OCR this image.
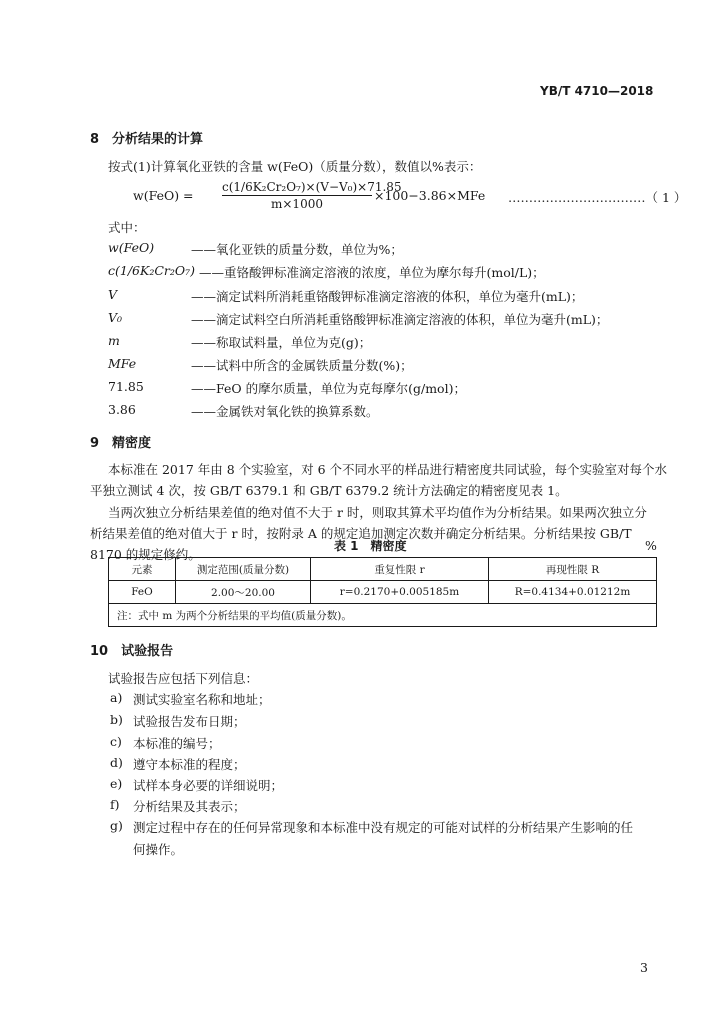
YB/T 4710—2018
8 分析结果的计算
按式(1)计算氧化亚铁的含量 w(FeO)（质量分数），数值以%表示：
$w(FeO) = \frac{\text{c(1/6K₂Cr₂O₇)×(V−V₀)×71.85}}{m\times 1000} \times 100-3.86\times MFe$ ……………………………（ 1 ）
式中：
w(FeO)	——氧化亚铁的质量分数，单位为%；
c(1/6K₂Cr₂O₇) ——重铬酸钾标准滴定溶液的浓度，单位为摩尔每升(mol/L)；
V	——滴定试料所消耗重铬酸钾标准滴定溶液的体积，单位为毫升(mL)；
V₀	——滴定试料空白所消耗重铬酸钾标准滴定溶液的体积，单位为毫升(mL)；
m	——称取试料量，单位为克(g)；
MFe	——试料中所含的金属铁质量分数(%)；
71.85	——FeO 的摩尔质量，单位为克每摩尔(g/mol)；
3.86	——金属铁对氧化铁的换算系数。
9 精密度
本标准在 2017 年由 8 个实验室，对 6 个不同水平的样品进行精密度共同试验，每个实验室对每个水
平独立测试 4 次，按 GB/T 6379.1 和 GB/T 6379.2 统计方法确定的精密度见表 1。
当两次独立分析结果差值的绝对值不大于 r 时，则取其算术平均值作为分析结果。如果两次独立分
析结果差值的绝对值大于 r 时，按附录 A 的规定追加测定次数并确定分析结果。分析结果按 GB/T
8170 的规定修约。
表 1 精密度	%
元素	测定范围(质量分数)	重复性限 r	再现性限 R
FeO	2.00～20.00	r=0.2170+0.005185m	R=0.4134+0.01212m
注：式中 m 为两个分析结果的平均值(质量分数)。			
10 试验报告
试验报告应包括下列信息：
a) 测试实验室名称和地址；
b) 试验报告发布日期；
c) 本标准的编号；
d) 遵守本标准的程度；
e) 试样本身必要的详细说明；
f) 分析结果及其表示；
g) 测定过程中存在的任何异常现象和本标准中没有规定的可能对试样的分析结果产生影响的任
何操作。
3
